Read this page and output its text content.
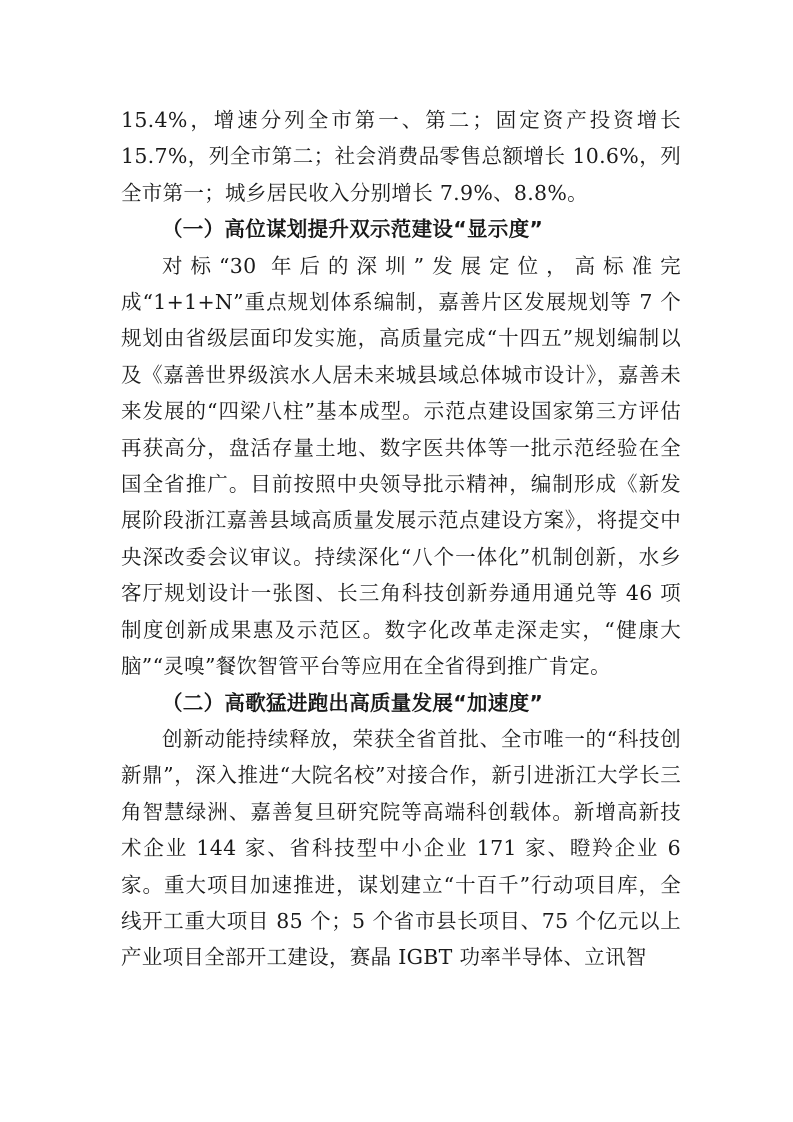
15.4%，增速分列全市第一、第二；固定资产投资增长 15.7%，列全市第二；社会消费品零售总额增长 10.6%，列全市第一；城乡居民收入分别增长 7.9%、8.8%。

（一）高位谋划提升双示范建设“显示度”

对标“30 年后的深圳”发展定位，高标准完成“1+1+N”重点规划体系编制，嘉善片区发展规划等 7 个规划由省级层面印发实施，高质量完成“十四五”规划编制以及《嘉善世界级滨水人居未来城县域总体城市设计》，嘉善未来发展的“四梁八柱”基本成型。示范点建设国家第三方评估再获高分，盘活存量土地、数字医共体等一批示范经验在全国全省推广。目前按照中央领导批示精神，编制形成《新发展阶段浙江嘉善县域高质量发展示范点建设方案》，将提交中央深改委会议审议。持续深化“八个一体化”机制创新，水乡客厅规划设计一张图、长三角科技创新券通用通兑等 46 项制度创新成果惠及示范区。数字化改革走深走实，“健康大脑”“灵嗅”餐饮智管平台等应用在全省得到推广肯定。

（二）高歌猛进跑出高质量发展“加速度”

创新动能持续释放，荣获全省首批、全市唯一的“科技创新鼎”，深入推进“大院名校”对接合作，新引进浙江大学长三角智慧绿洲、嘉善复旦研究院等高端科创载体。新增高新技术企业 144 家、省科技型中小企业 171 家、瞪羚企业 6 家。重大项目加速推进，谋划建立“十百千”行动项目库，全线开工重大项目 85 个；5 个省市县长项目、75 个亿元以上产业项目全部开工建设，赛晶 IGBT 功率半导体、立讯智
